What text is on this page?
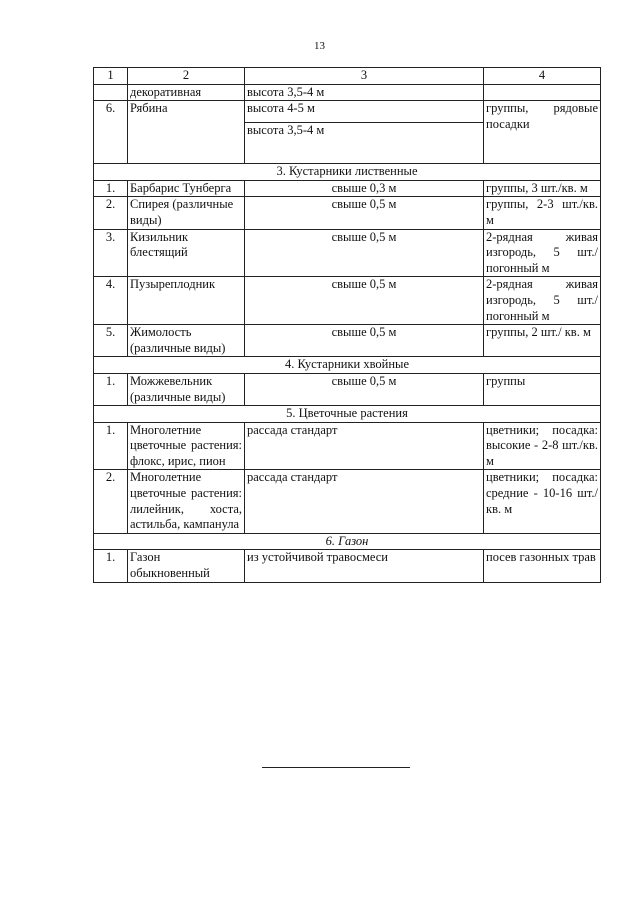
13
1	2	3	4
	декоративная	высота 3,5-4 м	
6.	Рябина	высота 4-5 м	группы, рядовые посадки
		высота 3,5-4 м	
3. Кустарники лиственные			
1.	Барбарис Тунберга	свыше 0,3 м	группы, 3 шт./кв. м
2.	Спирея (различные виды)	свыше 0,5 м	группы, 2-3 шт./кв. м
3.	Кизильник блестящий	свыше 0,5 м	2-рядная живая изгородь, 5 шт./ погонный м
4.	Пузыреплодник	свыше 0,5 м	2-рядная живая изгородь, 5 шт./ погонный м
5.	Жимолость (различные виды)	свыше 0,5 м	группы, 2 шт./ кв. м
4. Кустарники хвойные			
1.	Можжевельник (различные виды)	свыше 0,5 м	группы
5. Цветочные растения			
1.	Многолетние цветочные растения: флокс, ирис, пион	рассада стандарт	цветники; посадка: высокие - 2-8 шт./кв. м
2.	Многолетние цветочные растения: лилейник, хоста, астильба, кампанула	рассада стандарт	цветники; посадка: средние - 10-16 шт./кв. м
6. Газон			
1.	Газон обыкновенный	из устойчивой травосмеси	посев газонных трав
